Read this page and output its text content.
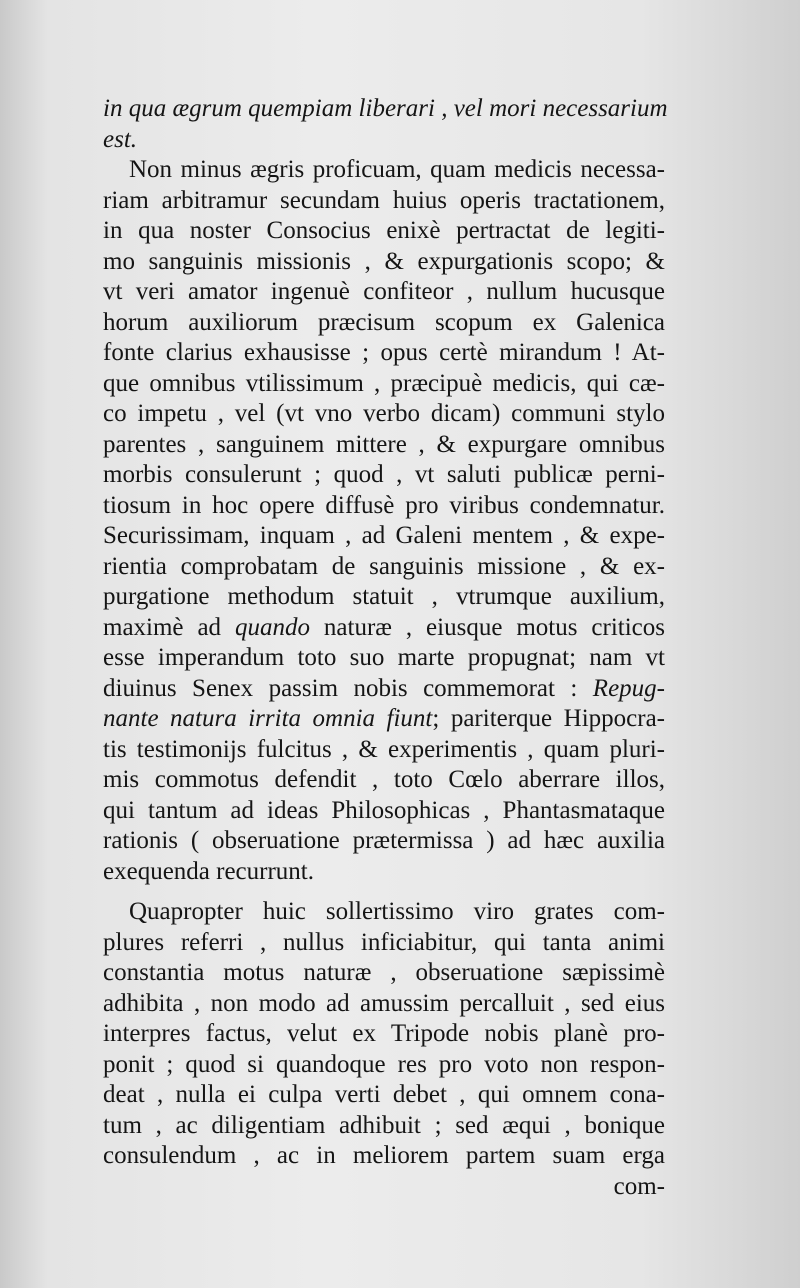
in qua ægrum quempiam liberari , vel mori necessarium
est.
Non minus ægris proficuam, quam medicis necessa-
riam arbitramur secundam huius operis tractationem,
in qua noster Consocius enixè pertractat de legiti-
mo sanguinis missionis , & expurgationis scopo; &
vt veri amator ingenuè confiteor , nullum hucusque
horum auxiliorum præcisum scopum ex Galenica
fonte clarius exhausisse ; opus certè mirandum ! At-
que omnibus vtilissimum , præcipuè medicis, qui cæ-
co impetu , vel (vt vno verbo dicam) communi stylo
parentes , sanguinem mittere , & expurgare omnibus
morbis consulerunt ; quod , vt saluti publicæ perni-
tiosum in hoc opere diffusè pro viribus condemnatur.
Securissimam, inquam , ad Galeni mentem , & expe-
rientia comprobatam de sanguinis missione , & ex-
purgatione methodum statuit , vtrumque auxilium,
maximè ad quando naturæ , eiusque motus criticos
esse imperandum toto suo marte propugnat; nam vt
diuinus Senex passim nobis commemorat : Repug-
nante natura irrita omnia fiunt; pariterque Hippocra-
tis testimonijs fulcitus , & experimentis , quam pluri-
mis commotus defendit , toto Cœlo aberrare illos,
qui tantum ad ideas Philosophicas , Phantasmataque
rationis ( obseruatione prætermissa ) ad hæc auxilia
exequenda recurrunt.
Quapropter huic sollertissimo viro grates com-
plures referri , nullus inficiabitur, qui tanta animi
constantia motus naturæ , obseruatione sæpissimè
adhibita , non modo ad amussim percalluit , sed eius
interpres factus, velut ex Tripode nobis planè pro-
ponit ; quod si quandoque res pro voto non respon-
deat , nulla ei culpa verti debet , qui omnem cona-
tum , ac diligentiam adhibuit ; sed æqui , bonique
consulendum , ac in meliorem partem suam erga
com-
